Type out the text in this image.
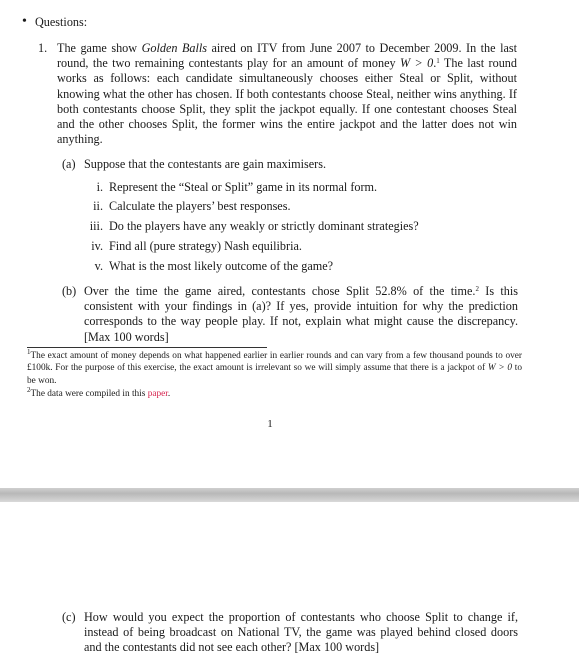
• Questions:
1. The game show Golden Balls aired on ITV from June 2007 to December 2009. In the last round, the two remaining contestants play for an amount of money W > 0.$^1$ The last round works as follows: each candidate simultaneously chooses either Steal or Split, without knowing what the other has chosen. If both contestants choose Steal, neither wins anything. If both contestants choose Split, they split the jackpot equally. If one contestant chooses Steal and the other chooses Split, the former wins the entire jackpot and the latter does not win anything.
(a) Suppose that the contestants are gain maximisers.
i. Represent the “Steal or Split” game in its normal form.
ii. Calculate the players’ best responses.
iii. Do the players have any weakly or strictly dominant strategies?
iv. Find all (pure strategy) Nash equilibria.
v. What is the most likely outcome of the game?
(b) Over the time the game aired, contestants chose Split 52.8% of the time.$^2$ Is this consistent with your findings in (a)? If yes, provide intuition for why the prediction corresponds to the way people play. If not, explain what might cause the discrepancy. [Max 100 words]
$^1$The exact amount of money depends on what happened earlier in earlier rounds and can vary from a few thousand pounds to over £100k. For the purpose of this exercise, the exact amount is irrelevant so we will simply assume that there is a jackpot of W > 0 to be won.
$^2$The data were compiled in this paper.
1
(c) How would you expect the proportion of contestants who choose Split to change if, instead of being broadcast on National TV, the game was played behind closed doors and the contestants did not see each other? [Max 100 words]
